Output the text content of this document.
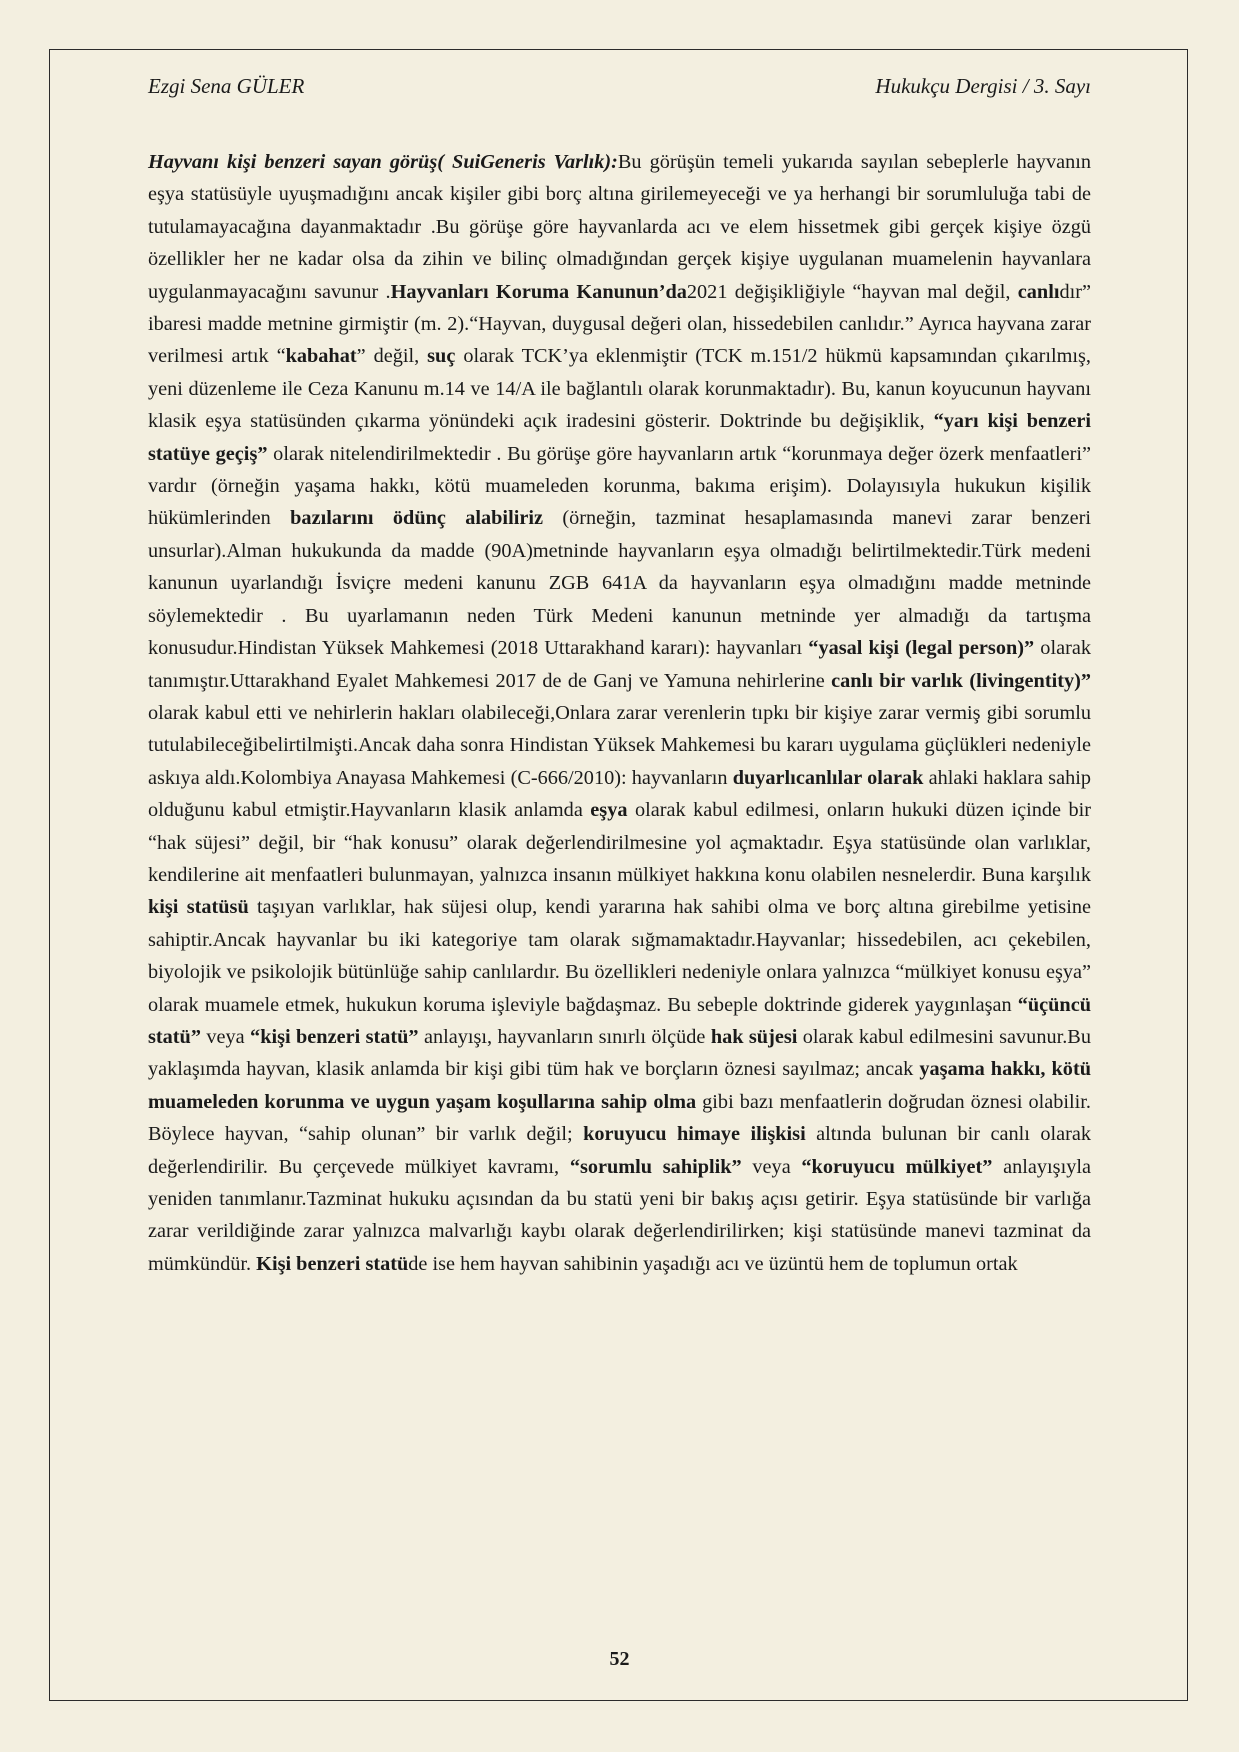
Ezgi Sena GÜLER	Hukukçu Dergisi / 3. Sayı

Hayvanı kişi benzeri sayan görüş( SuiGeneris Varlık):Bu görüşün temeli yukarıda sayılan sebeplerle hayvanın eşya statüsüyle uyuşmadığını ancak kişiler gibi borç altına girilemeyeceği ve ya herhangi bir sorumluluğa tabi de tutulamayacağına dayanmaktadır .Bu görüşe göre hayvanlarda acı ve elem hissetmek gibi gerçek kişiye özgü özellikler her ne kadar olsa da zihin ve bilinç olmadığından gerçek kişiye uygulanan muamelenin hayvanlara uygulanmayacağını savunur .Hayvanları Koruma Kanunun’da2021 değişikliğiyle “hayvan mal değil, canlıdır” ibaresi madde metnine girmiştir (m. 2).“Hayvan, duygusal değeri olan, hissedebilen canlıdır.” Ayrıca hayvana zarar verilmesi artık “kabahat” değil, suç olarak TCK’ya eklenmiştir (TCK m.151/2 hükmü kapsamından çıkarılmış, yeni düzenleme ile Ceza Kanunu m.14 ve 14/A ile bağlantılı olarak korunmaktadır). Bu, kanun koyucunun hayvanı klasik eşya statüsünden çıkarma yönündeki açık iradesini gösterir. Doktrinde bu değişiklik, “yarı kişi benzeri statüye geçiş” olarak nitelendirilmektedir . Bu görüşe göre hayvanların artık “korunmaya değer özerk menfaatleri” vardır (örneğin yaşama hakkı, kötü muameleden korunma, bakıma erişim). Dolayısıyla hukukun kişilik hükümlerinden bazılarını ödünç alabiliriz (örneğin, tazminat hesaplamasında manevi zarar benzeri unsurlar).Alman hukukunda da madde (90A)metninde hayvanların eşya olmadığı belirtilmektedir.Türk medeni kanunun uyarlandığı İsviçre medeni kanunu ZGB 641A da hayvanların eşya olmadığını madde metninde söylemektedir . Bu uyarlamanın neden Türk Medeni kanunun metninde yer almadığı da tartışma konusudur.Hindistan Yüksek Mahkemesi (2018 Uttarakhand kararı): hayvanları “yasal kişi (legal person)” olarak tanımıştır.Uttarakhand Eyalet Mahkemesi 2017 de de Ganj ve Yamuna nehirlerine canlı bir varlık (livingentity)” olarak kabul etti ve nehirlerin hakları olabileceği,Onlara zarar verenlerin tıpkı bir kişiye zarar vermiş gibi sorumlu tutulabileceğibelirtilmişti.Ancak daha sonra Hindistan Yüksek Mahkemesi bu kararı uygulama güçlükleri nedeniyle askıya aldı.Kolombiya Anayasa Mahkemesi (C-666/2010): hayvanların duyarlıcanlılar olarak ahlaki haklara sahip olduğunu kabul etmiştir.Hayvanların klasik anlamda eşya olarak kabul edilmesi, onların hukuki düzen içinde bir “hak süjesi” değil, bir “hak konusu” olarak değerlendirilmesine yol açmaktadır. Eşya statüsünde olan varlıklar, kendilerine ait menfaatleri bulunmayan, yalnızca insanın mülkiyet hakkına konu olabilen nesnelerdir. Buna karşılık kişi statüsü taşıyan varlıklar, hak süjesi olup, kendi yararına hak sahibi olma ve borç altına girebilme yetisine sahiptir.Ancak hayvanlar bu iki kategoriye tam olarak sığmamaktadır.Hayvanlar; hissedebilen, acı çekebilen, biyolojik ve psikolojik bütünlüğe sahip canlılardır. Bu özellikleri nedeniyle onlara yalnızca “mülkiyet konusu eşya” olarak muamele etmek, hukukun koruma işleviyle bağdaşmaz. Bu sebeple doktrinde giderek yaygınlaşan “üçüncü statü” veya “kişi benzeri statü” anlayışı, hayvanların sınırlı ölçüde hak süjesi olarak kabul edilmesini savunur.Bu yaklaşımda hayvan, klasik anlamda bir kişi gibi tüm hak ve borçların öznesi sayılmaz; ancak yaşama hakkı, kötü muameleden korunma ve uygun yaşam koşullarına sahip olma gibi bazı menfaatlerin doğrudan öznesi olabilir. Böylece hayvan, “sahip olunan” bir varlık değil; koruyucu himaye ilişkisi altında bulunan bir canlı olarak değerlendirilir. Bu çerçevede mülkiyet kavramı, “sorumlu sahiplik” veya “koruyucu mülkiyet” anlayışıyla yeniden tanımlanır.Tazminat hukuku açısından da bu statü yeni bir bakış açısı getirir. Eşya statüsünde bir varlığa zarar verildiğinde zarar yalnızca malvarlığı kaybı olarak değerlendirilirken; kişi statüsünde manevi tazminat da mümkündür. Kişi benzeri statüde ise hem hayvan sahibinin yaşadığı acı ve üzüntü hem de toplumun ortak

52
